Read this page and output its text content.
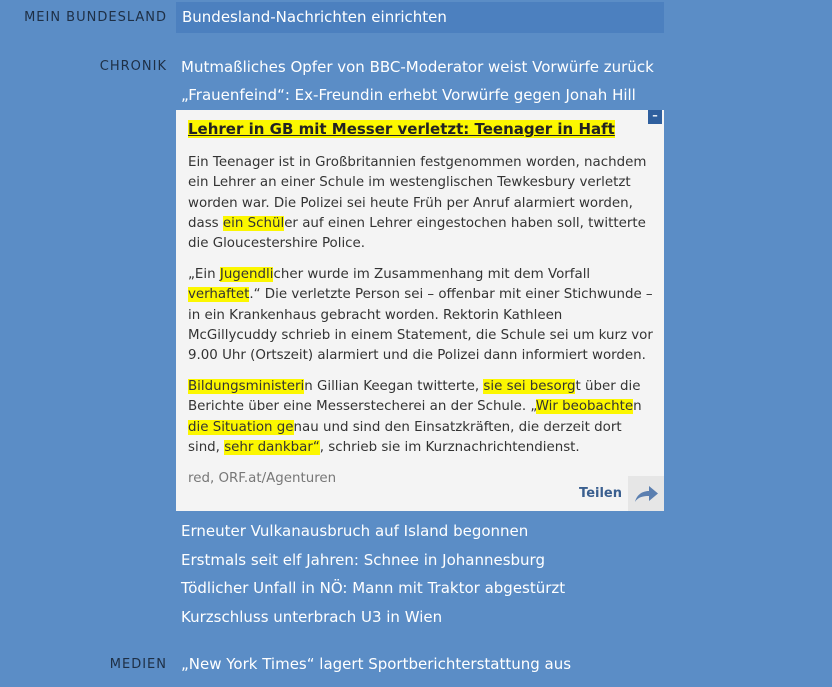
MEIN BUNDESLAND	Bundesland-Nachrichten einrichten
CHRONIK Mutmaßliches Opfer von BBC-Moderator weist Vorwürfe zurück
„Frauenfeind“: Ex-Freundin erhebt Vorwürfe gegen Jonah Hill
–
Lehrer in GB mit Messer verletzt: Teenager in Haft

Ein Teenager ist in Großbritannien festgenommen worden, nachdem ein Lehrer an einer Schule im westenglischen Tewkesbury verletzt worden war. Die Polizei sei heute Früh per Anruf alarmiert worden, dass ein Schüler auf einen Lehrer eingestochen haben soll, twitterte die Gloucestershire Police.

„Ein Jugendlicher wurde im Zusammenhang mit dem Vorfall verhaftet.“ Die verletzte Person sei – offenbar mit einer Stichwunde – in ein Krankenhaus gebracht worden. Rektorin Kathleen McGillycuddy schrieb in einem Statement, die Schule sei um kurz vor 9.00 Uhr (Ortszeit) alarmiert und die Polizei dann informiert worden.

Bildungsministerin Gillian Keegan twitterte, sie sei besorgt über die Berichte über eine Messerstecherei an der Schule. „Wir beobachten die Situation genau und sind den Einsatzkräften, die derzeit dort sind, sehr dankbar“, schrieb sie im Kurznachrichtendienst.

red, ORF.at/Agenturen
Teilen
Erneuter Vulkanausbruch auf Island begonnen
Erstmals seit elf Jahren: Schnee in Johannesburg
Tödlicher Unfall in NÖ: Mann mit Traktor abgestürzt
Kurzschluss unterbrach U3 in Wien
MEDIEN „New York Times“ lagert Sportberichterstattung aus
